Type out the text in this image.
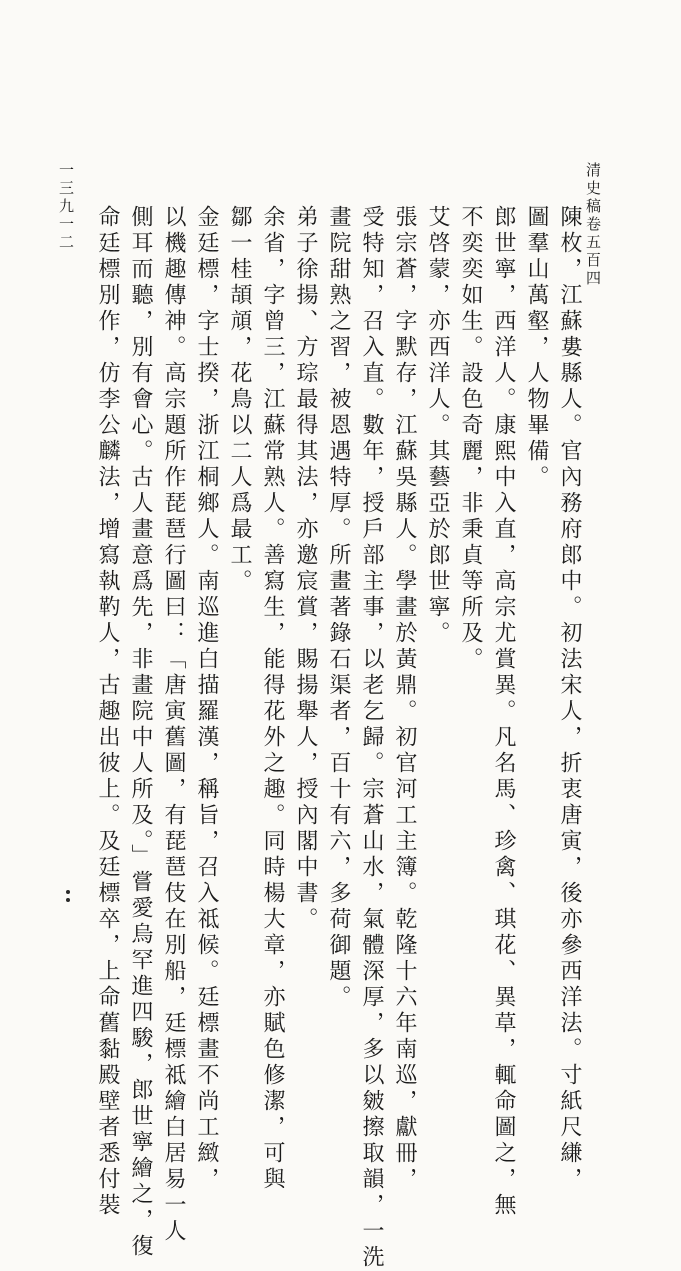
清史稿卷五百四
一三九一二	陳枚，江蘇婁縣人。官內務府郎中。初法宋人，折衷唐寅，後亦參西洋法。寸紙尺縑，
圖羣山萬壑，人物畢備。
郎世寧，西洋人。康熙中入直，高宗尤賞異。凡名馬、珍禽、琪花、異草，輒命圖之，無
不奕奕如生。設色奇麗，非秉貞等所及。
艾啓蒙，亦西洋人。其藝亞於郎世寧。
張宗蒼，字默存，江蘇吳縣人。學畫於黃鼎。初官河工主簿。乾隆十六年南巡，獻冊，
受特知，召入直。數年，授戶部主事，以老乞歸。宗蒼山水，氣體深厚，多以皴擦取韻，一洗
畫院甜熟之習，被恩遇特厚。所畫著錄石渠者，百十有六，多荷御題。
弟子徐揚、方琮最得其法，亦邀宸賞，賜揚舉人，授內閣中書。
余省，字曾三，江蘇常熟人。善寫生，能得花外之趣。同時楊大章，亦賦色修潔，可與
鄒一桂頡頏，花鳥以二人爲最工。
金廷標，字士揆，浙江桐鄉人。南巡進白描羅漢，稱旨，召入祗候。廷標畫不尚工緻，
以機趣傳神。高宗題所作琵琶行圖曰：「唐寅舊圖，有琵琶伎在別船，廷標祗繪白居易一人
側耳而聽，別有會心。古人畫意爲先，非畫院中人所及。」嘗愛烏罕進四駿，郎世寧繪之，復
命廷標別作，仿李公麟法，增寫執靮人，古趣出彼上。及廷標卒，上命舊黏殿壁者悉付裝
